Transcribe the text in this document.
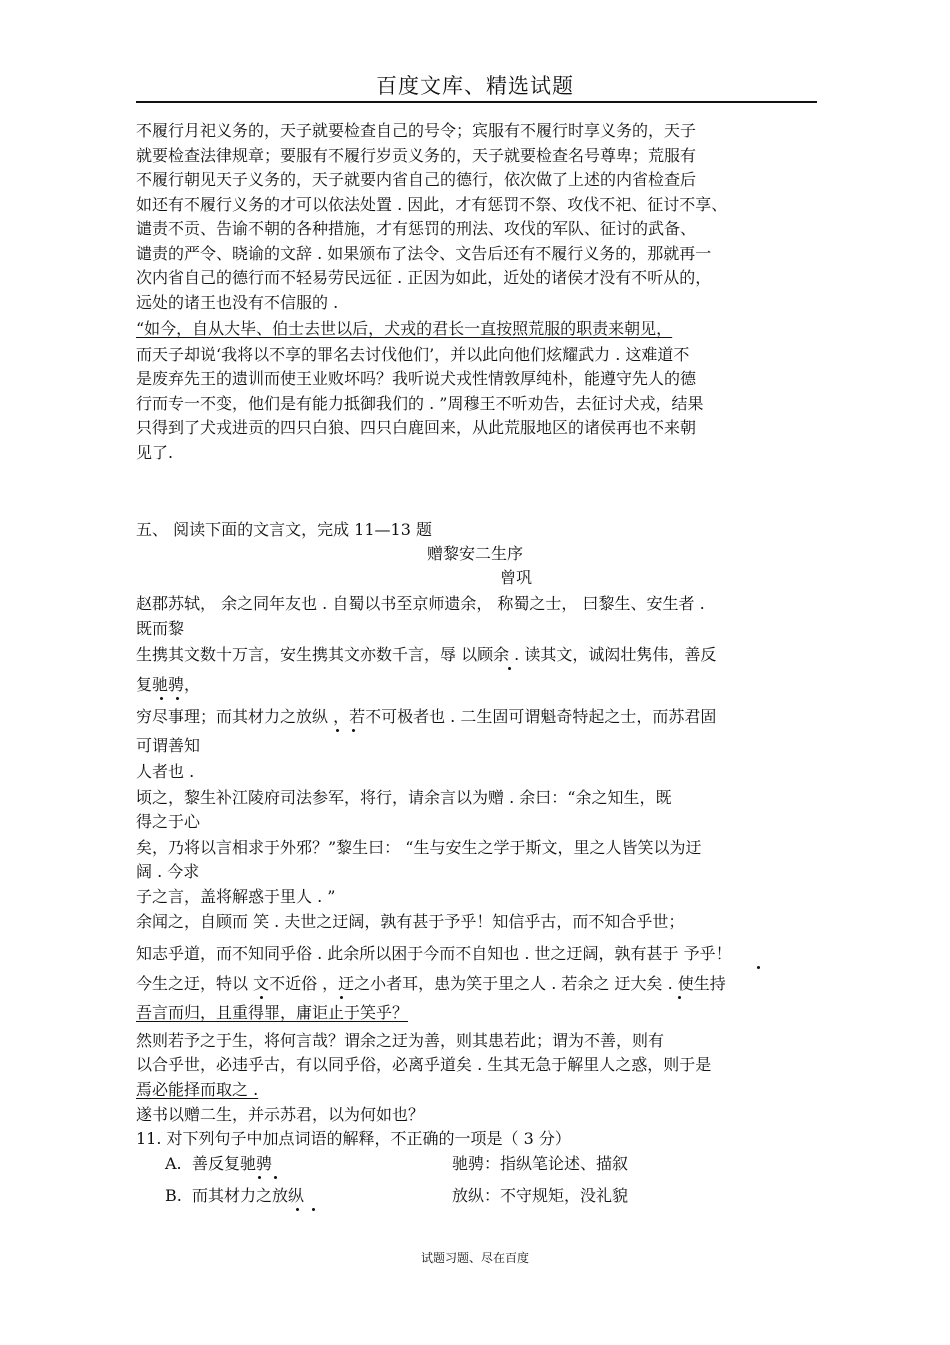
百度文库、精选试题
不履行月祀义务的，天子就要检查自己的号令；宾服有不履行时享义务的，天子
就要检查法律规章；要服有不履行岁贡义务的，天子就要检查名号尊卑；荒服有
不履行朝见天子义务的，天子就要内省自己的德行，依次做了上述的内省检查后
如还有不履行义务的才可以依法处置 . 因此，才有惩罚不祭、攻伐不祀、征讨不享、
谴责不贡、告谕不朝的各种措施，才有惩罚的刑法、攻伐的军队、征讨的武备、
谴责的严令、晓谕的文辞 . 如果颁布了法令、文告后还有不履行义务的，那就再一
次内省自己的德行而不轻易劳民远征 . 正因为如此，近处的诸侯才没有不听从的，
远处的诸王也没有不信服的 .
“如今，自从大毕、伯士去世以后，犬戎的君长一直按照荒服的职责来朝见，
而天子却说‘我将以不享的罪名去讨伐他们’，并以此向他们炫耀武力 . 这难道不
是废弃先王的遗训而使王业败坏吗？我听说犬戎性情敦厚纯朴，能遵守先人的德
行而专一不变，他们是有能力抵御我们的 . ”周穆王不听劝告，去征讨犬戎，结果
只得到了犬戎进贡的四只白狼、四只白鹿回来，从此荒服地区的诸侯再也不来朝
见了.
五、 阅读下面的文言文，完成 11—13 题
赠黎安二生序
曾巩
赵郡苏轼， 余之同年友也 . 自蜀以书至京师遗余， 称蜀之士， 曰黎生、安生者 .
既而黎
生携其文数十万言，安生携其文亦数千言，辱 以顾余 . 读其文，诚闳壮隽伟，善反
复驰骋，
穷尽事理；而其材力之放纵 ，若不可极者也 . 二生固可谓魁奇特起之士，而苏君固
可谓善知
人者也 .
顷之，黎生补江陵府司法参军，将行，请余言以为赠 . 余曰：“余之知生，既
得之于心
矣，乃将以言相求于外邪？”黎生曰： “生与安生之学于斯文，里之人皆笑以为迂
阔 . 今求
子之言，盖将解惑于里人 . ”
余闻之，自顾而 笑 . 夫世之迂阔，孰有甚于予乎！知信乎古，而不知合乎世；
知志乎道，而不知同乎俗 . 此余所以困于今而不自知也 . 世之迂阔，孰有甚于 予乎！
今生之迂，特以 文不近俗 ，迂之小者耳，患为笑于里之人 . 若余之 迂大矣 . 使生持
吾言而归，且重得罪，庸讵止于笑乎？
然则若予之于生，将何言哉？谓余之迂为善，则其患若此；谓为不善，则有
以合乎世，必违乎古，有以同乎俗，必离乎道矣 . 生其无急于解里人之惑，则于是
焉必能择而取之 .
遂书以赠二生，并示苏君，以为何如也？
11. 对下列句子中加点词语的解释，不正确的一项是（ 3 分）
A. 善反复驰骋	驰骋：指纵笔论述、描叙
B. 而其材力之放纵	放纵：不守规矩，没礼貌
试题习题、尽在百度
